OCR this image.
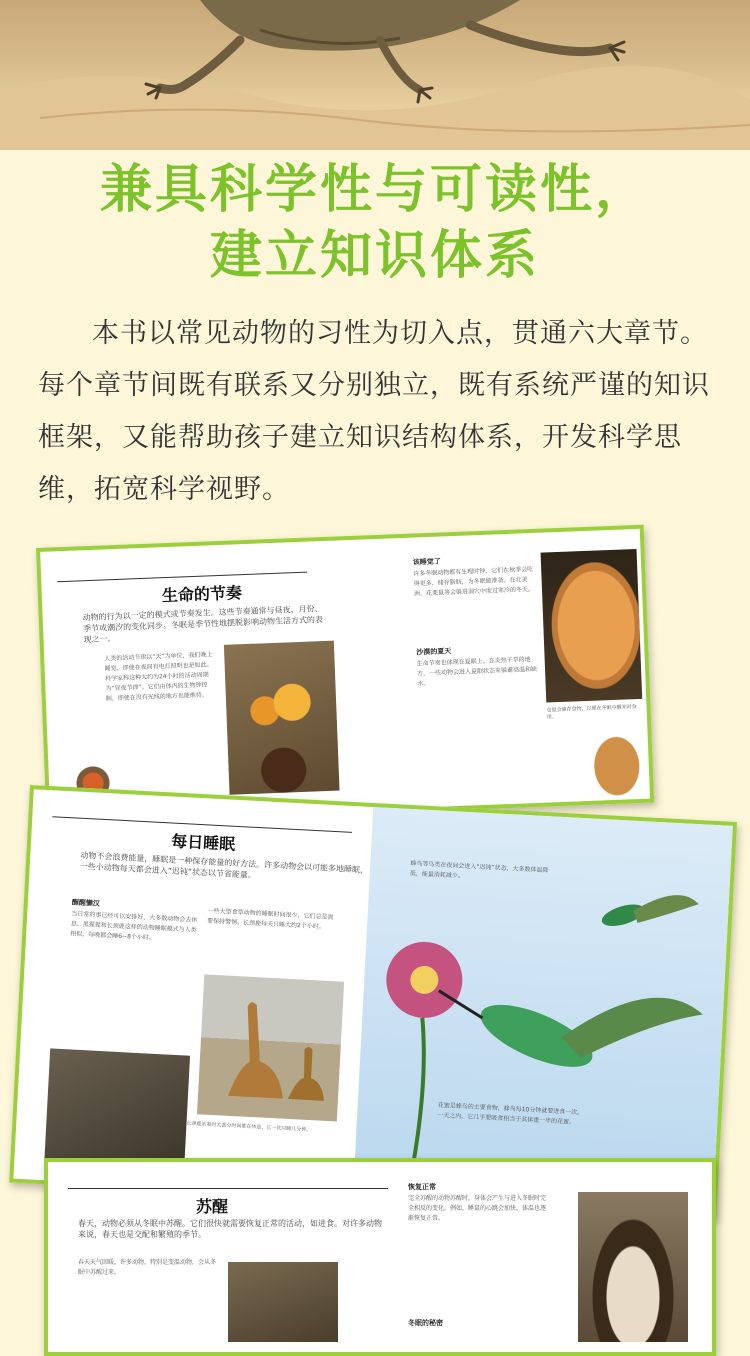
兼具科学性与可读性，
建立知识体系

本书以常见动物的习性为切入点，贯通六大章节。每个章节间既有联系又分别独立，既有系统严谨的知识框架，又能帮助孩子建立知识结构体系，开发科学思维，拓宽科学视野。

生命的节奏

动物的行为以一定的模式或节奏发生。这些节奏通常与昼夜、月份、季节或潮汐的变化同步。冬眠是季节性地摆脱影响动物生活方式的表现之一。

人类的活动节律以“天”为单位，我们晚上睡觉，即使在夜间有电灯照明也是如此。科学家称这种大约为24小时的活动周期为“昼夜节律”。它们由体内的生物钟控制，即使在没有光线的地方也能维持。

该睡觉了

许多冬眠动物都有生理时钟，它们在秋季会吃得更多，储存脂肪，为冬眠做准备。在北美洲，花栗鼠等会躲进洞穴中度过寒冷的冬天。

沙漠的夏天

生命节奏也体现在夏眠上。在炎热干旱的地方，一些动物会进入夏眠状态来躲避高温和缺水。

仓鼠会储存食物，以便在冬眠中醒来时食用。

每日睡眠

动物不会浪费能量，睡眠是一种保存能量的好方法。许多动物会以可能多地睡眠，一些小动物每天都会进入“迟钝”状态以节省能量。

醒醒懒汉

当日常的事已经可以安排好，大多数动物会去休息。黑猩猩和长颈鹿这样的动物睡眠模式与人类相似，每晚都会睡6~8个小时。

一些大型食草动物的睡眠时间很少，它们总是需要保持警惕。长颈鹿每天只睡大约2个小时。

长颈鹿站着时大部分时间都在休息，它一次只睡几分钟。

蜂鸟等鸟类在夜间会进入“迟钝”状态，大多数体温降低，能量消耗减少。

花蜜是蜂鸟的主要食物，蜂鸟每10分钟就要进食一次。一天之内，它几乎要吸食相当于其体重一半的花蜜。

苏醒

春天，动物必须从冬眠中苏醒。它们很快就需要恢复正常的活动，如进食。对许多动物来说，春天也是交配和繁殖的季节。

春天天气回暖，许多动物，特别是变温动物，会从冬眠中苏醒过来。

恢复正常

完全苏醒的动物苏醒时，身体会产生与进入冬眠时完全相反的变化。例如，睡鼠的心跳会加快，体温也逐渐恢复正常。

冬眠的秘密
